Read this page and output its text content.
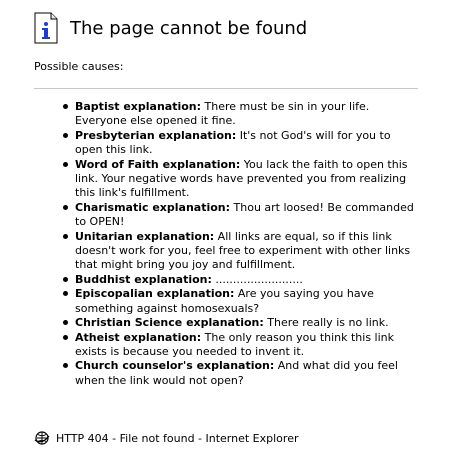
The page cannot be found

Possible causes:

Baptist explanation: There must be sin in your life. Everyone else opened it fine.
Presbyterian explanation: It's not God's will for you to open this link.
Word of Faith explanation: You lack the faith to open this link. Your negative words have prevented you from realizing this link's fulfillment.
Charismatic explanation: Thou art loosed! Be commanded to OPEN!
Unitarian explanation: All links are equal, so if this link doesn't work for you, feel free to experiment with other links that might bring you joy and fulfillment.
Buddhist explanation: .........................
Episcopalian explanation: Are you saying you have something against homosexuals?
Christian Science explanation: There really is no link.
Atheist explanation: The only reason you think this link exists is because you needed to invent it.
Church counselor's explanation: And what did you feel when the link would not open?
HTTP 404 - File not found - Internet Explorer
